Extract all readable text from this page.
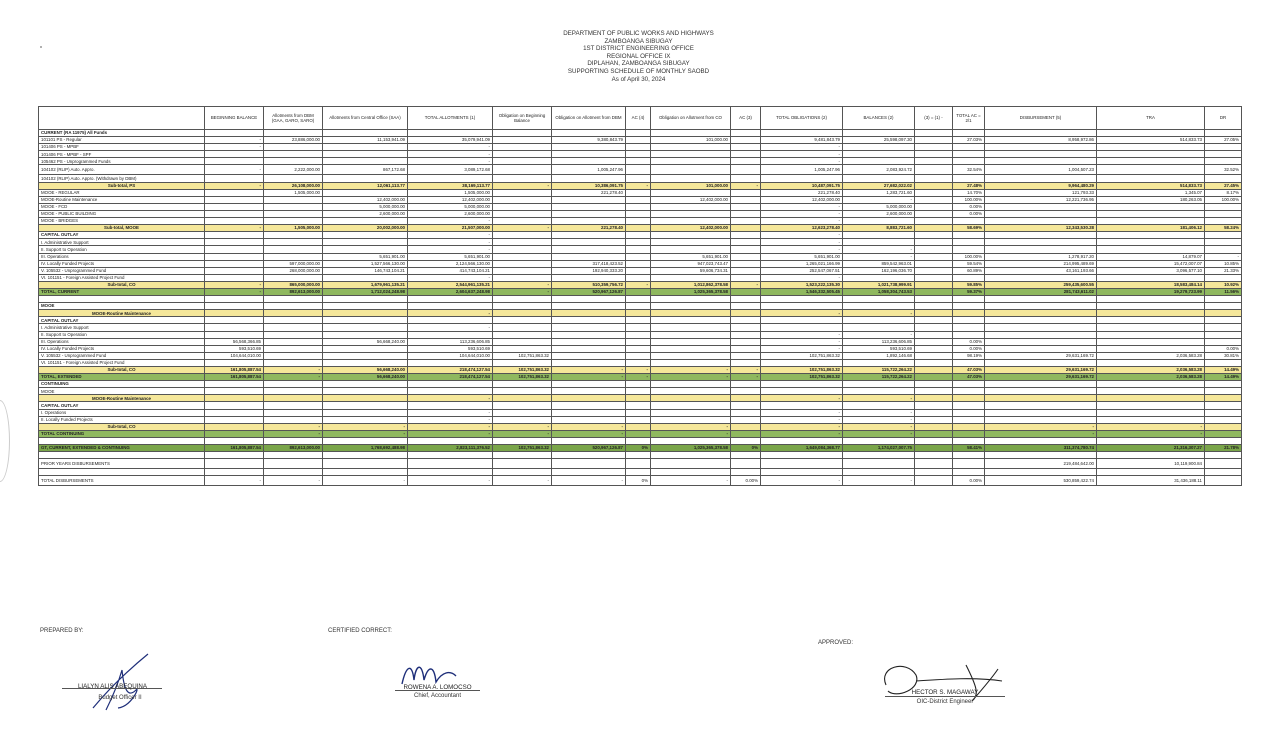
DEPARTMENT OF PUBLIC WORKS AND HIGHWAYS
ZAMBOANGA SIBUGAY
1ST DISTRICT ENGINEERING OFFICE
REGIONAL OFFICE IX
DIPLAHAN, ZAMBOANGA SIBUGAY
SUPPORTING SCHEDULE OF MONTHLY SAOBD
As of April 30, 2024
	BEGINNING BALANCE	Allotments from DBM (GAA, GARO, SARO)	Allotments from Central Office (SAA)	TOTAL ALLOTMENTS (1)	Obligation on Beginning Balance	Obligation on Allotment from DBM	AC (4)	Obligation on Allotment from CO	AC (3)	TOTAL OBLIGATIONS (2)	BALANCES (2)	(3) = (1) -	TOTAL AC = 2/1	DISBURSEMENT (5)	TRA	DR
CURRENT (RA 11975) All Funds																
101101 PS - Regular	-	23,886,000.00	11,153,941.09	35,079,941.09		9,380,843.79		101,000.00		9,481,843.79	25,598,097.30		27.03%	8,958,972.86	514,833.73	27.05%
101406 PS - MPBF	-			-						-						
101406 PS - MPBF - SPF				-						-						
105462 PS - Unprogrammed Funds				-						-						
104102 (RLIP) Auto. Appro.	-	2,222,000.00	867,172.68	3,089,172.68		1,005,247.96				1,005,247.96	2,083,924.72		32.54%	1,004,507.23		32.52%
104102 (RLIP) Auto. Appro. (Withdrawn by DBM)																
Sub-total, PS	-	26,108,000.00	12,061,113.77	38,169,113.77	-	10,386,091.75	-	101,000.00	-	10,487,091.75	27,682,022.02		27.48%	9,964,480.29	514,833.73	27.45%
MOOE - REGULAR		1,505,000.00		1,505,000.00		221,278.40				221,278.40	1,283,721.60		14.70%	121,793.33	1,345.07	8.17%
MOOE-Routine Maintenance			12,402,000.00	12,402,000.00				12,402,000.00		12,402,000.00	-		100.00%	12,221,736.95	180,263.05	100.00%
MOOE - FCD			5,000,000.00	5,000,000.00						-	5,000,000.00		0.00%			
MOOE - PUBLIC BUILDING			2,600,000.00	2,600,000.00						-	2,600,000.00		0.00%			
MOOE - BRIDGES				-						-						
Sub-total, MOOE	-	1,505,000.00	20,002,000.00	21,507,000.00	-	221,278.40		12,402,000.00		12,623,278.40	8,883,721.60		58.69%	12,343,530.28	181,406.12	58.24%
CAPITAL OUTLAY				-						-						
I. Administrative Support				-						-						
II. Support to Operation				-						-	-					
III. Operations			5,651,901.00	5,651,901.00				5,651,901.00		5,651,901.00	-		100.00%	1,278,917.20	14,879.07	-
IV. Locally Funded Projects		597,000,000.00	1,527,566,130.00	2,124,566,130.00		317,418,423.52		947,023,743.47		1,265,021,166.99	859,542,963.01		59.54%	214,995,489.69	15,472,007.07	10.85%
V. 105532 - Unprogrammed Fund		268,000,000.00	146,743,104.21	414,743,104.21		192,940,333.20		59,606,734.31		252,547,067.51	162,196,036.70		60.89%	43,161,193.66	3,096,577.10	21.33%
VI. 101151 - Foreign Assisted Project Fund				-						-						
Sub-total, CO	-	865,000,000.00	1,679,961,135.21	2,544,961,135.21	-	510,359,756.72	-	1,012,862,378.58	-	1,523,222,135.30	1,021,738,999.91		59.85%	259,435,600.55	18,583,484.14	10.92%
TOTAL, CURRENT	-	892,613,000.00	1,712,024,248.98	2,604,637,248.98	-	520,967,126.87		1,025,365,378.58		1,546,332,505.45	1,058,304,743.53		59.37%	281,743,611.02	19,279,723.99	11.56%

MOOE																
MOOE-Routine Maintenance				-						-	-					
CAPITAL OUTLAY																
I. Administrative Support				-												
II. Support to Operation										-	-					
III. Operations	56,568,366.85		56,668,240.00	113,236,606.85						-	113,236,606.85		0.00%			
IV. Locally Funded Projects	593,510.69			593,510.69						-	593,510.69		0.00%			0.00%
V. 105532 - Unprogrammed Fund	104,644,010.00			104,644,010.00	102,751,863.32					102,751,863.32	1,892,146.68		98.19%	29,631,169.72	2,036,583.28	30.81%
VI. 101151 - Foreign Assisted Project Fund																
Sub-total, CO	161,805,887.54	-	56,668,240.00	218,474,127.54	102,751,863.32	-	-	-	-	102,751,863.32	115,722,264.22		47.03%	29,631,169.72	2,036,583.28	14.49%
TOTAL, EXTENDED	161,805,887.54	-	56,668,240.00	218,474,127.54	102,751,863.32	-	-	-	-	102,751,863.32	115,722,264.22		47.03%	29,631,169.72	2,036,583.28	14.49%
CONTINUING																
MOOE																
MOOE-Routine Maintenance				-						-	-					
CAPITAL OUTLAY																
I. Operations				-						-	-					
II. Locally Funded Projects				-						-	-					
Sub-total, CO		-	-	-	-	-		-		-	-			-	-	
TOTAL CONTINUING		-	-	-	-	-		-		-	-			-	-	

GT, CURRENT, EXTENDED & CONTINUING	161,805,887.54	892,613,000.00	1,768,692,488.98	2,823,111,376.52	102,751,863.32	520,967,126.87	0%	1,025,365,378.58	0%	1,649,084,368.77	1,174,027,007.75		58.41%	311,374,780.74	21,316,307.27	21.78%

PRIOR YEARS DISBURSEMENTS														219,484,642.00	10,119,900.84	

TOTAL DISBURSEMENTS	-	-	-	-	-	-	0%	-	0.00%	-	-		0.00%	530,859,422.74	31,436,188.11	
PREPARED BY:	CERTIFIED CORRECT:
APPROVED:
LIALYN ALIS ABEQUINA
Budget Officer II
ROWENA A. LOMOCSO
Chief, Accountant	HECTOR S. MAGAWAY
OIC-District Engineer
